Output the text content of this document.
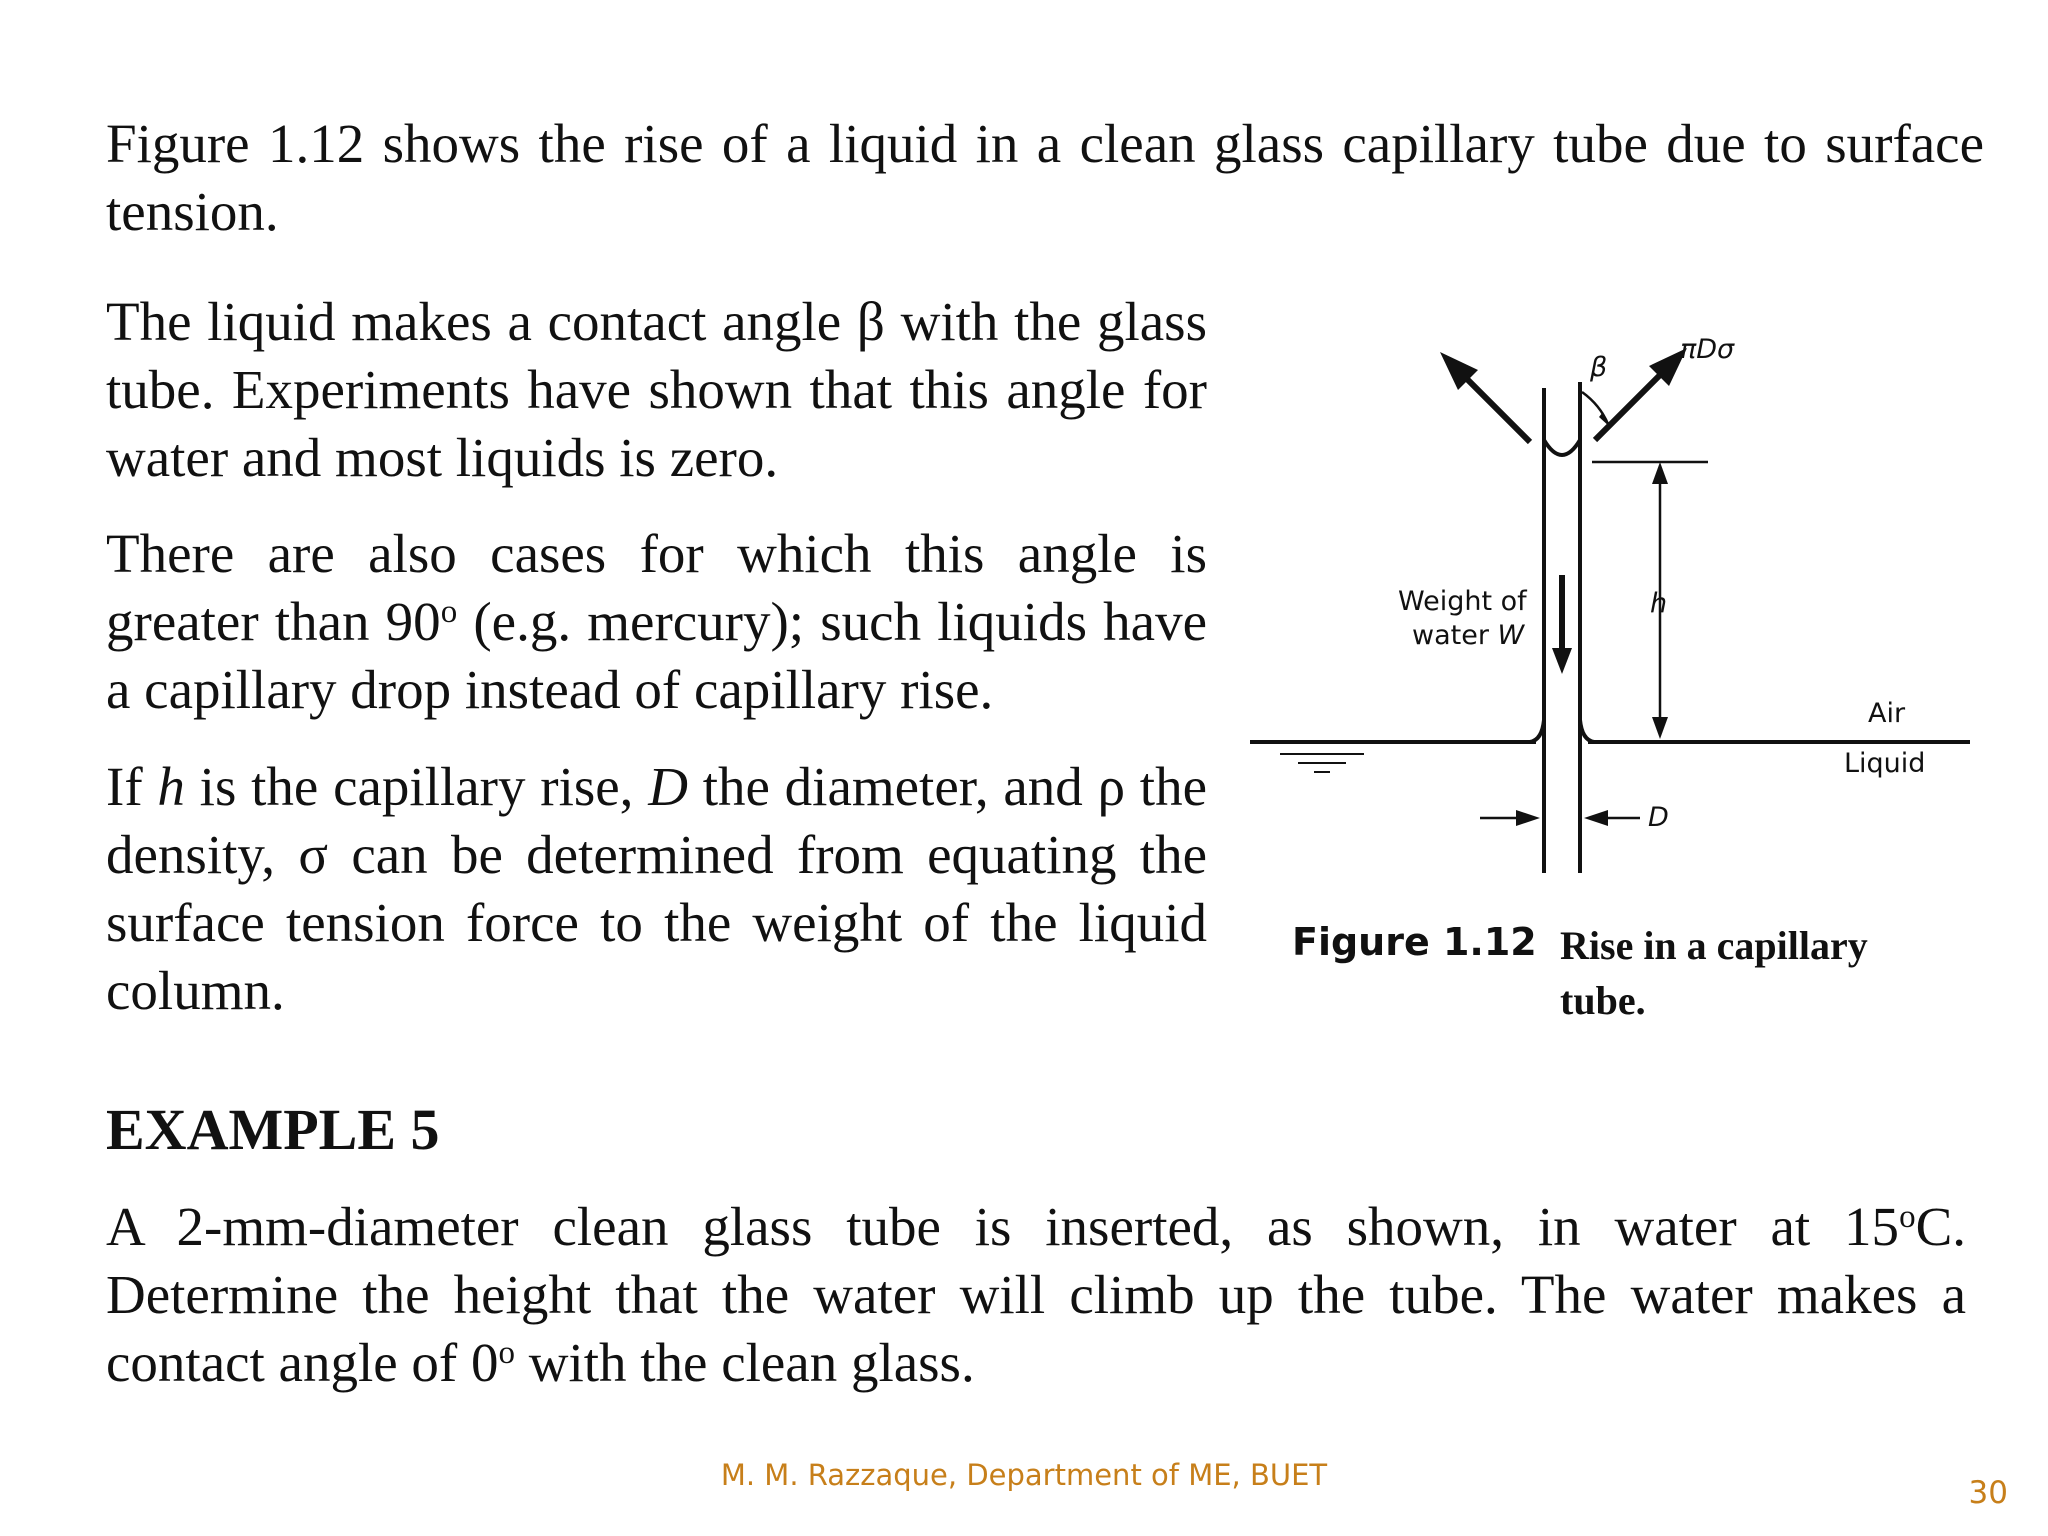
Figure 1.12 shows the rise of a liquid in a clean glass capillary tube due to surface tension.

The liquid makes a contact angle β with the glass tube. Experiments have shown that this angle for water and most liquids is zero.

There are also cases for which this angle is greater than 90$^o$ (e.g. mercury); such liquids have a capillary drop instead of capillary rise.

If h is the capillary rise, D the diameter, and ρ the density, σ can be determined from equating the surface tension force to the weight of the liquid column.

β
πDσ
Weight of
water W
h
Air
Liquid
D
Figure 1.12 Rise in a capillary tube.
EXAMPLE 5

A 2-mm-diameter clean glass tube is inserted, as shown, in water at 15$^o$C. Determine the height that the water will climb up the tube. The water makes a contact angle of 0$^o$ with the clean glass.

M. M. Razzaque, Department of ME, BUET	30
